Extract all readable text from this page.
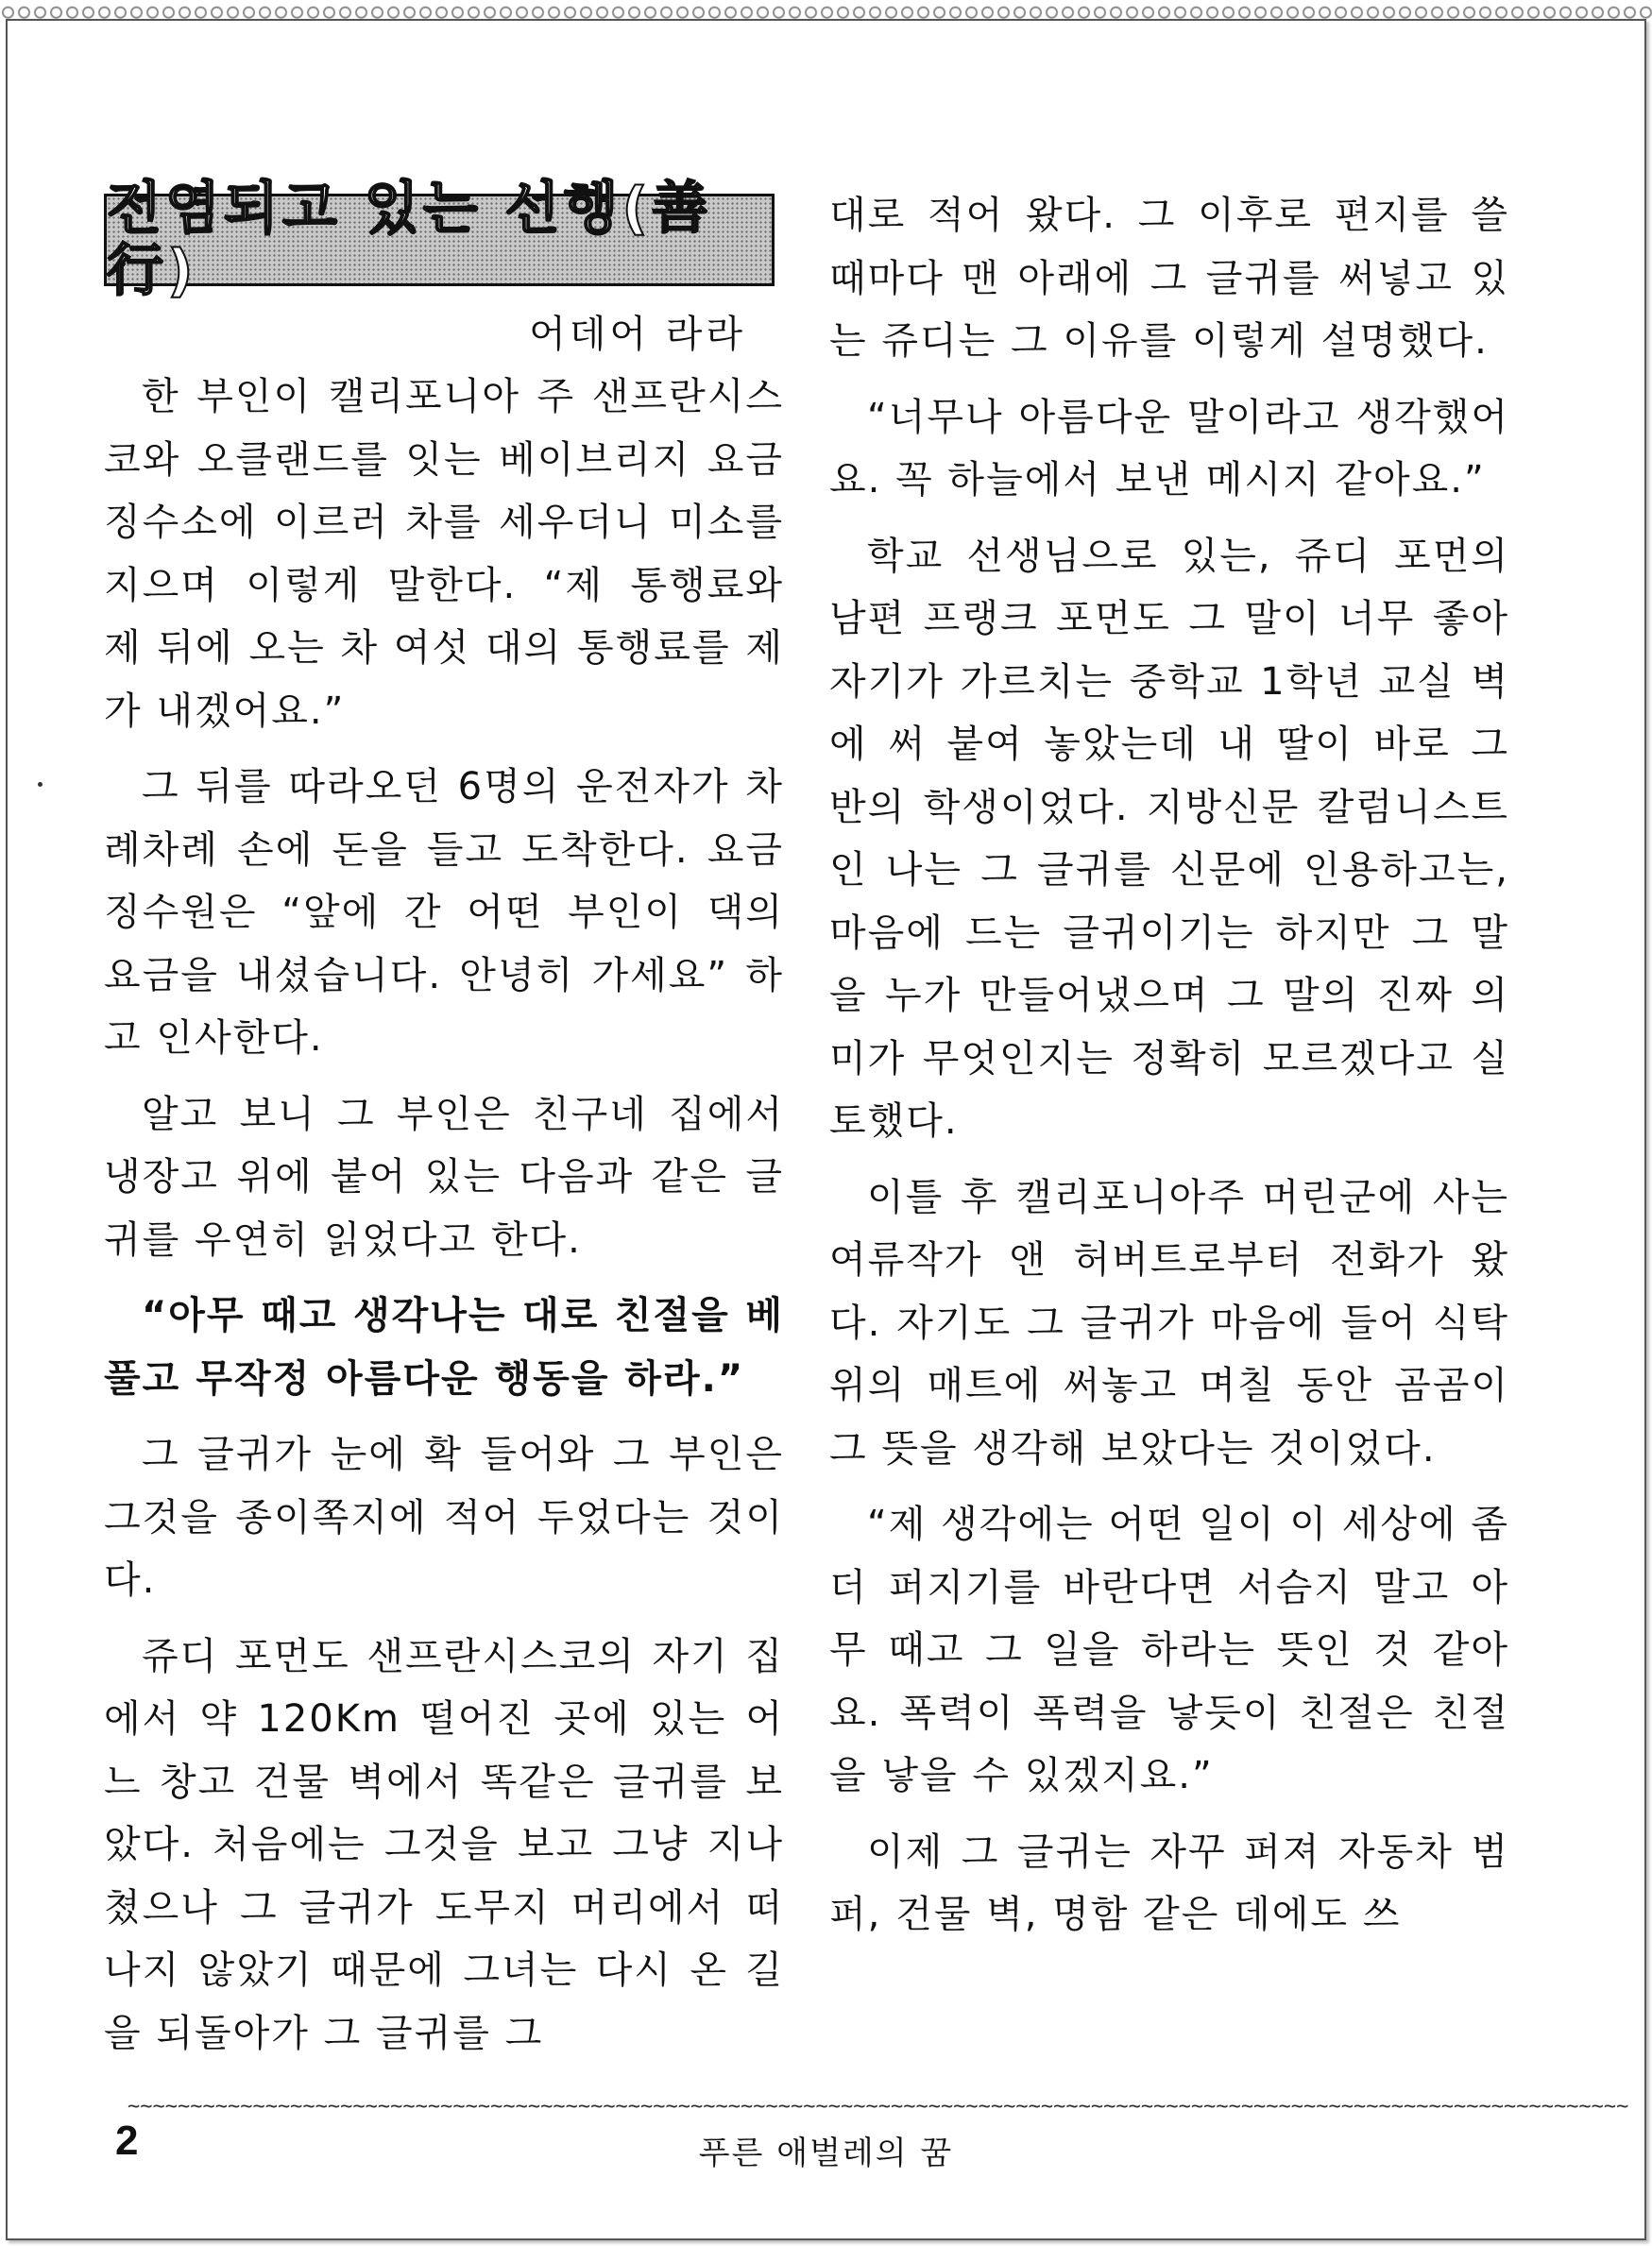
전염되고 있는 선행(善行)
어데어 라라

한 부인이 캘리포니아 주 샌프란시스코와 오클랜드를 잇는 베이브리지 요금 징수소에 이르러 차를 세우더니 미소를 지으며 이렇게 말한다. “제 통행료와 제 뒤에 오는 차 여섯 대의 통행료를 제가 내겠어요.”

그 뒤를 따라오던 6명의 운전자가 차례차례 손에 돈을 들고 도착한다. 요금 징수원은 “앞에 간 어떤 부인이 댁의 요금을 내셨습니다. 안녕히 가세요” 하고 인사한다.

알고 보니 그 부인은 친구네 집에서 냉장고 위에 붙어 있는 다음과 같은 글귀를 우연히 읽었다고 한다.

“아무 때고 생각나는 대로 친절을 베풀고 무작정 아름다운 행동을 하라.”

그 글귀가 눈에 확 들어와 그 부인은 그것을 종이쪽지에 적어 두었다는 것이다.

쥬디 포먼도 샌프란시스코의 자기 집에서 약 120Km 떨어진 곳에 있는 어느 창고 건물 벽에서 똑같은 글귀를 보았다. 처음에는 그것을 보고 그냥 지나쳤으나 그 글귀가 도무지 머리에서 떠나지 않았기 때문에 그녀는 다시 온 길을 되돌아가 그 글귀를 그

대로 적어 왔다. 그 이후로 편지를 쓸 때마다 맨 아래에 그 글귀를 써넣고 있는 쥬디는 그 이유를 이렇게 설명했다.

“너무나 아름다운 말이라고 생각했어요. 꼭 하늘에서 보낸 메시지 같아요.”

학교 선생님으로 있는, 쥬디 포먼의 남편 프랭크 포먼도 그 말이 너무 좋아 자기가 가르치는 중학교 1학년 교실 벽에 써 붙여 놓았는데 내 딸이 바로 그 반의 학생이었다. 지방신문 칼럼니스트인 나는 그 글귀를 신문에 인용하고는, 마음에 드는 글귀이기는 하지만 그 말을 누가 만들어냈으며 그 말의 진짜 의미가 무엇인지는 정확히 모르겠다고 실토했다.

이틀 후 캘리포니아주 머린군에 사는 여류작가 앤 허버트로부터 전화가 왔다. 자기도 그 글귀가 마음에 들어 식탁 위의 매트에 써놓고 며칠 동안 곰곰이 그 뜻을 생각해 보았다는 것이었다.

“제 생각에는 어떤 일이 이 세상에 좀더 퍼지기를 바란다면 서슴지 말고 아무 때고 그 일을 하라는 뜻인 것 같아요. 폭력이 폭력을 낳듯이 친절은 친절을 낳을 수 있겠지요.”

이제 그 글귀는 자꾸 퍼져 자동차 범퍼, 건물 벽, 명함 같은 데에도 쓰

~~~~~~~~~~~~~~~~~~~~~~~~~~~~~~~~~~~~~~~~~~~~~~~~~~~~~~~~~~~~~~~~~~~~~~~~~~~~~~~~~~~~~~~~~~~~~~~~~~~~~~~~~~~~~~~~~~~~~~~~
2	푸른 애벌레의 꿈
